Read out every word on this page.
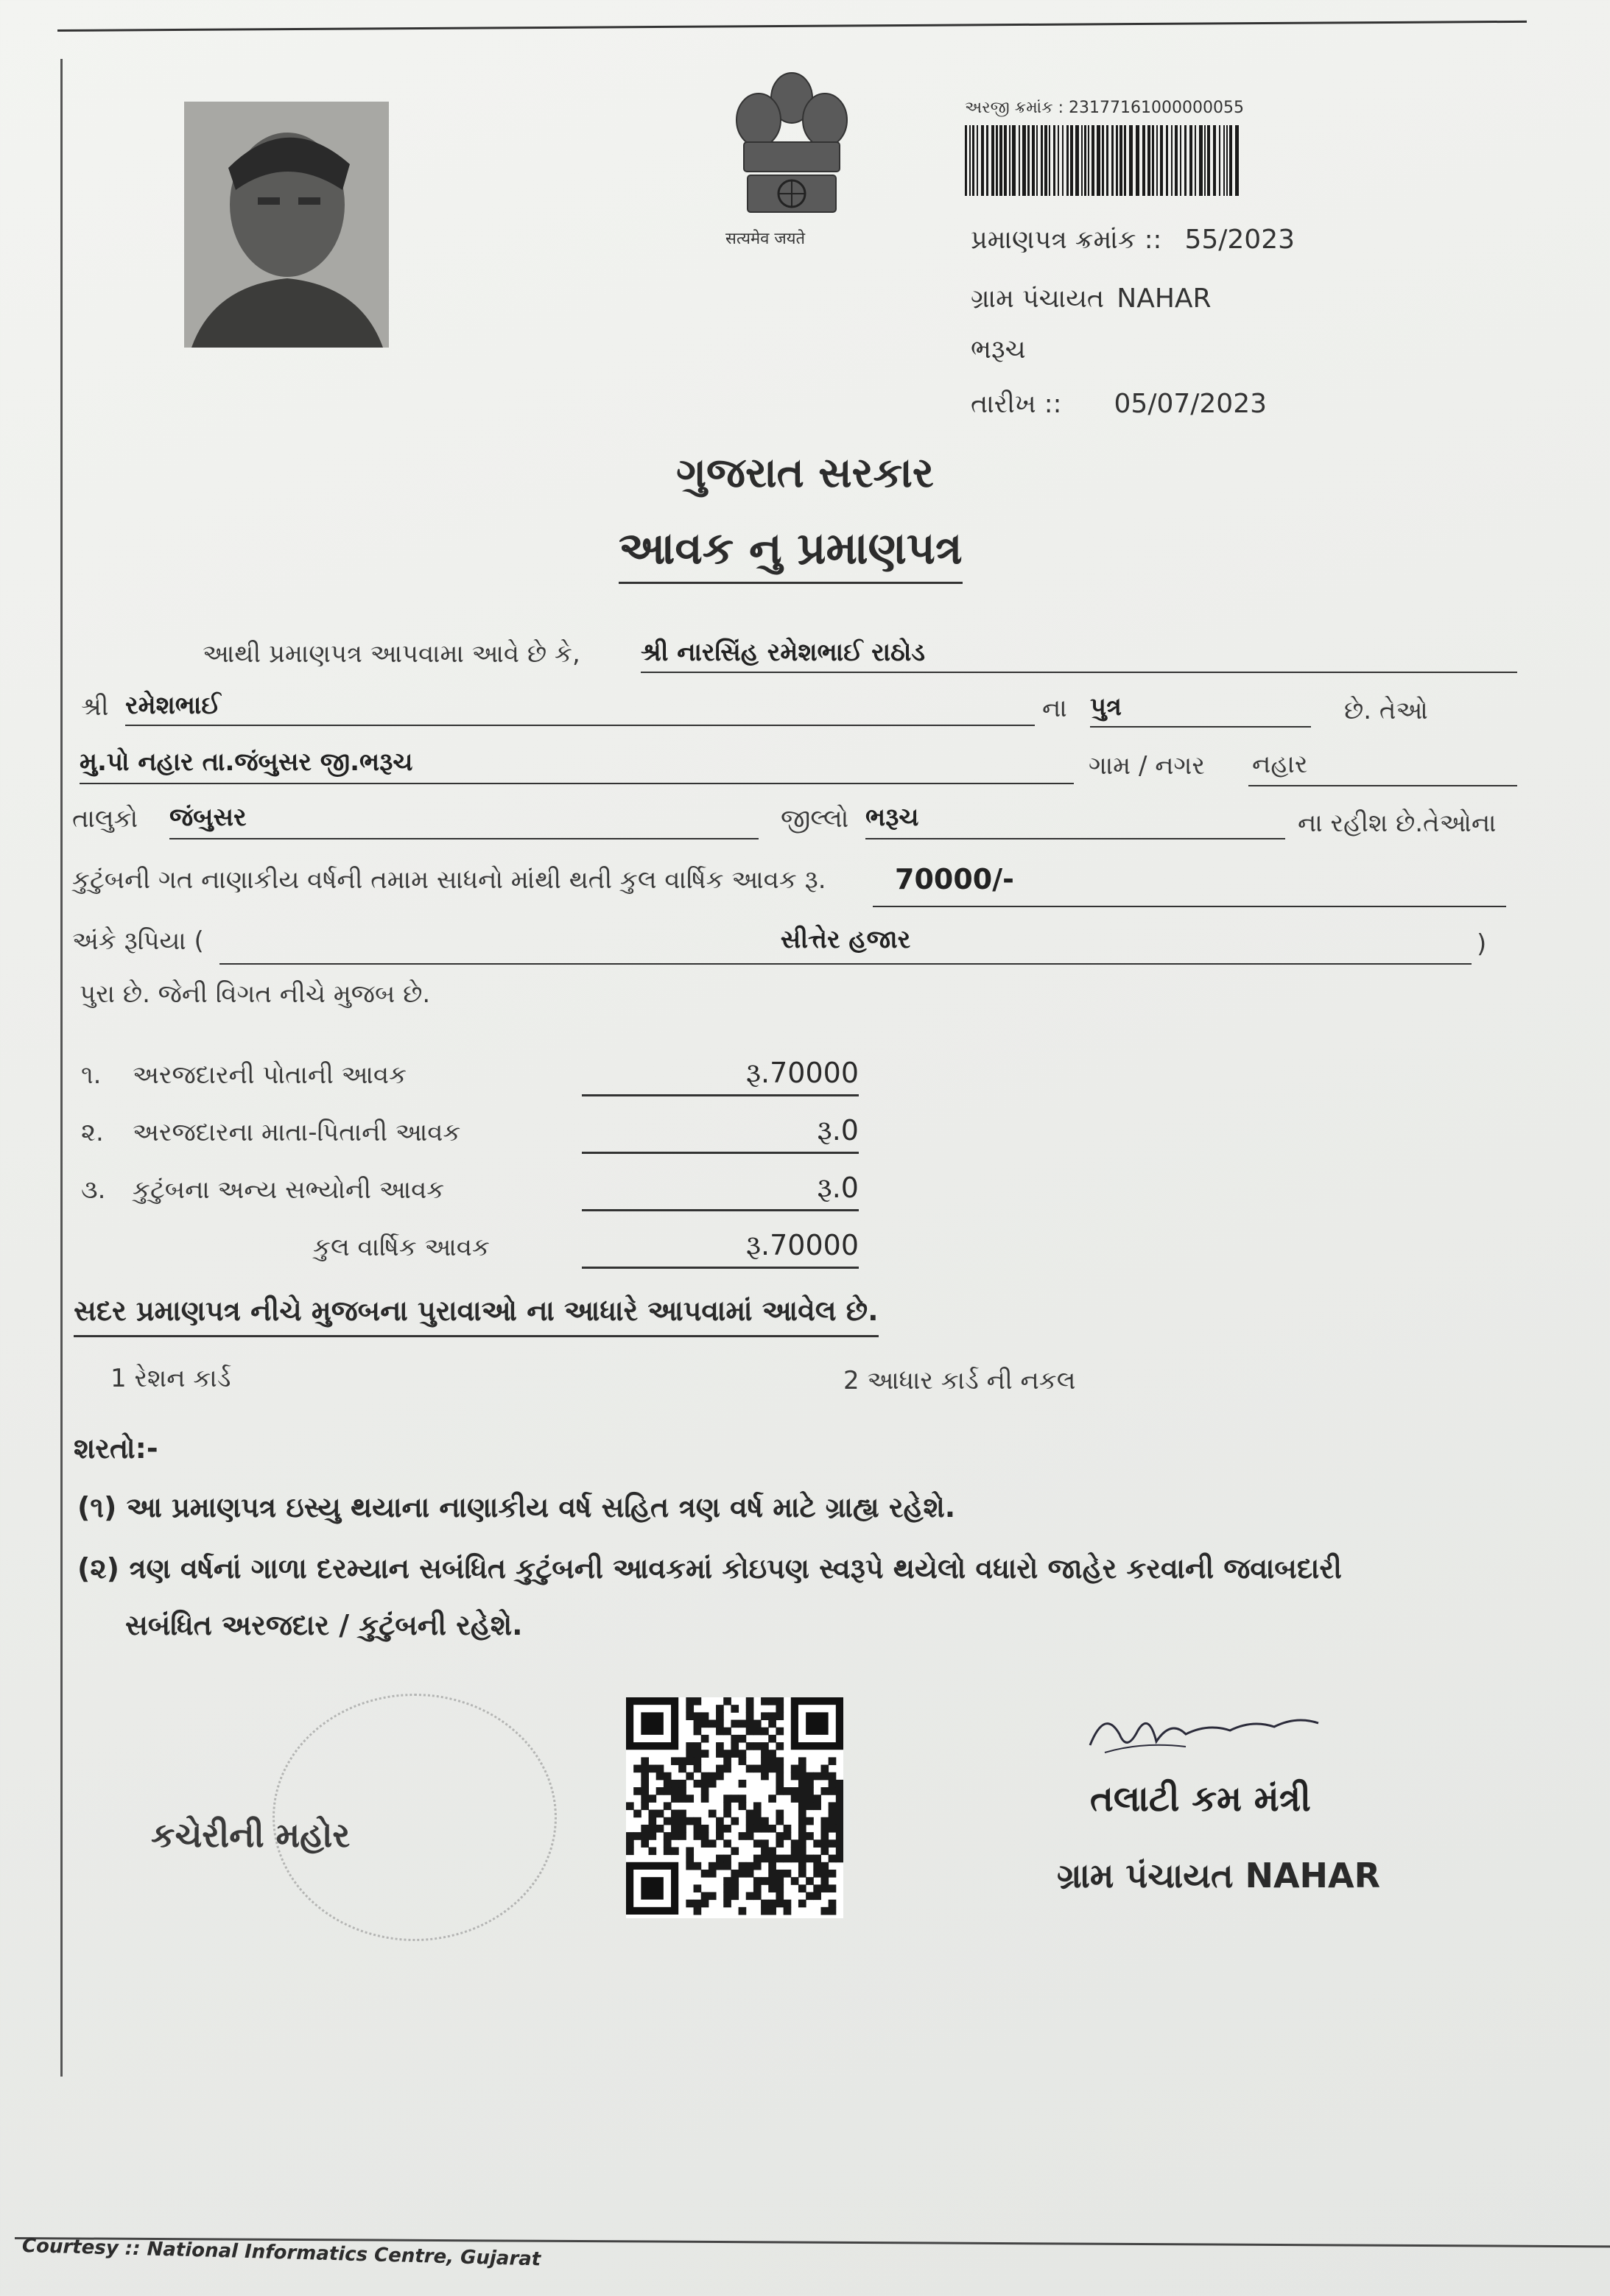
सत्यमेव जयते
અરજી ક્રમાંક : 23177161000000055
પ્રમાણપત્ર ક્રમાંક :: 55/2023
ગ્રામ પંચાયત NAHAR
ભરૂચ
તારીખ :: 05/07/2023
ગુજરાત સરકાર
આવક નુ પ્રમાણપત્ર
આથી પ્રમાણપત્ર આપવામા આવે છે કે, શ્રી નારસિંહ રમેશભાઈ રાઠોડ
શ્રી રમેશભાઈ	ના પુત્ર	છે. તેઓ
મુ.પો નહાર તા.જંબુસર જી.ભરૂચ	ગામ / નગર નહાર
તાલુકો જંબુસર	જીલ્લો ભરૂચ	ના રહીશ છે.તેઓના
કુટુંબની ગત નાણાકીય વર્ષની તમામ સાધનો માંથી થતી કુલ વાર્ષિક આવક રૂ.	70000/-
અંકે રૂપિયા (	સીત્તેર હજાર	)
પુરા છે. જેની વિગત નીચે મુજબ છે.
૧. અરજદારની પોતાની આવક	રૂ.70000
૨. અરજદારના માતા-પિતાની આવક	રૂ.0
૩. કુટુંબના અન્ય સભ્યોની આવક	રૂ.0
કુલ વાર્ષિક આવક	રૂ.70000
સદર પ્રમાણપત્ર નીચે મુજબના પુરાવાઓ ના આધારે આપવામાં આવેલ છે.
1 રેશન કાર્ડ	2 આધાર કાર્ડ ની નકલ
શરતો:-
(૧) આ પ્રમાણપત્ર ઇસ્યુ થયાના નાણાકીય વર્ષ સહિત ત્રણ વર્ષ માટે ગ્રાહ્ય રહેશે.
(૨) ત્રણ વર્ષનાં ગાળા દરમ્યાન સબંધિત કુટુંબની આવકમાં કોઇપણ સ્વરૂપે થયેલો વધારો જાહેર કરવાની જવાબદારી
સબંધિત અરજદાર / કુટુંબની રહેશે.
કચેરીની મહોર
તલાટી કમ મંત્રી
ગ્રામ પંચાયત NAHAR
Courtesy :: National Informatics Centre, Gujarat
